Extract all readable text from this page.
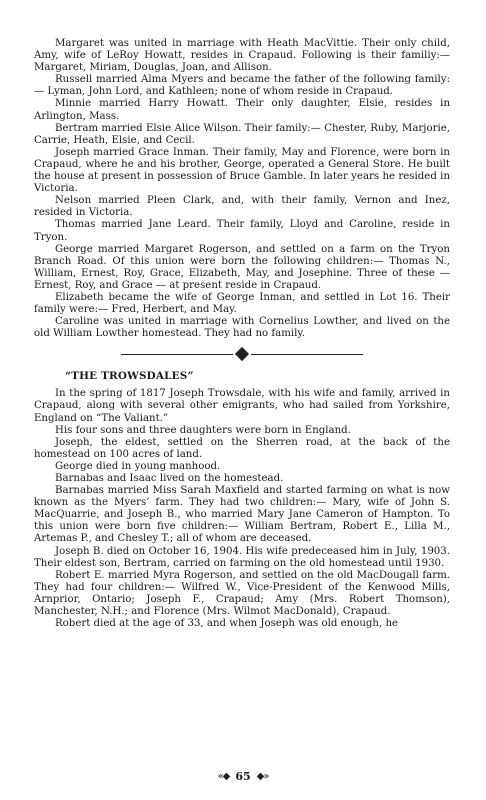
Margaret was united in marriage with Heath MacVittie. Their only child, Amy, wife of LeRoy Howatt, resides in Crapaud. Following is their familiy:— Margaret, Miriam, Douglas, Joan, and Allison.

Russell married Alma Myers and became the father of the following family:— Lyman, John Lord, and Kathleen; none of whom reside in Crapaud.

Minnie married Harry Howatt. Their only daughter, Elsie, resides in Arlington, Mass.

Bertram married Elsie Alice Wilson. Their family:— Chester, Ruby, Marjorie, Carrie, Heath, Elsie, and Cecil.

Joseph married Grace Inman. Their family, May and Florence, were born in Crapaud, where he and his brother, George, operated a General Store. He built the house at present in possession of Bruce Gamble. In later years he resided in Victoria.

Nelson married Pleen Clark, and, with their family, Vernon and Inez, resided in Victoria.

Thomas married Jane Leard. Their family, Lloyd and Caroline, reside in Tryon.

George married Margaret Rogerson, and settled on a farm on the Tryon Branch Road. Of this union were born the following children:— Thomas N., William, Ernest, Roy, Grace, Elizabeth, May, and Josephine. Three of these — Ernest, Roy, and Grace — at present reside in Crapaud.

Elizabeth became the wife of George Inman, and settled in Lot 16. Their family were:— Fred, Herbert, and May.

Caroline was united in marriage with Cornelius Lowther, and lived on the old William Lowther homestead. They had no family.

“THE TROWSDALES”

In the spring of 1817 Joseph Trowsdale, with his wife and family, arrived in Crapaud, along with several other emigrants, who had sailed from Yorkshire, England on “The Valiant.”

His four sons and three daughters were born in England.

Joseph, the eldest, settled on the Sherren road, at the back of the homestead on 100 acres of land.

George died in young manhood.

Barnabas and Isaac lived on the homestead.

Barnabas married Miss Sarah Maxfield and started farming on what is now known as the Myers’ farm. They had two children:— Mary, wife of John S. MacQuarrie, and Joseph B., who married Mary Jane Cameron of Hampton. To this union were born five children:— William Bertram, Robert E., Lilla M., Artemas P., and Chesley T.; all of whom are deceased.

Joseph B. died on October 16, 1904. His wife predeceased him in July, 1903. Their eldest son, Bertram, carried on farming on the old homestead until 1930.

Robert E. married Myra Rogerson, and settled on the old MacDougall farm. They had four children:— Wilfred W., Vice-President of the Kenwood Mills, Arnprior, Ontario; Joseph F., Crapaud; Amy (Mrs. Robert Thomson), Manchester, N.H.; and Florence (Mrs. Wilmot MacDonald), Crapaud.

Robert died at the age of 33, and when Joseph was old enough, he

«◆ 65 ◆»
